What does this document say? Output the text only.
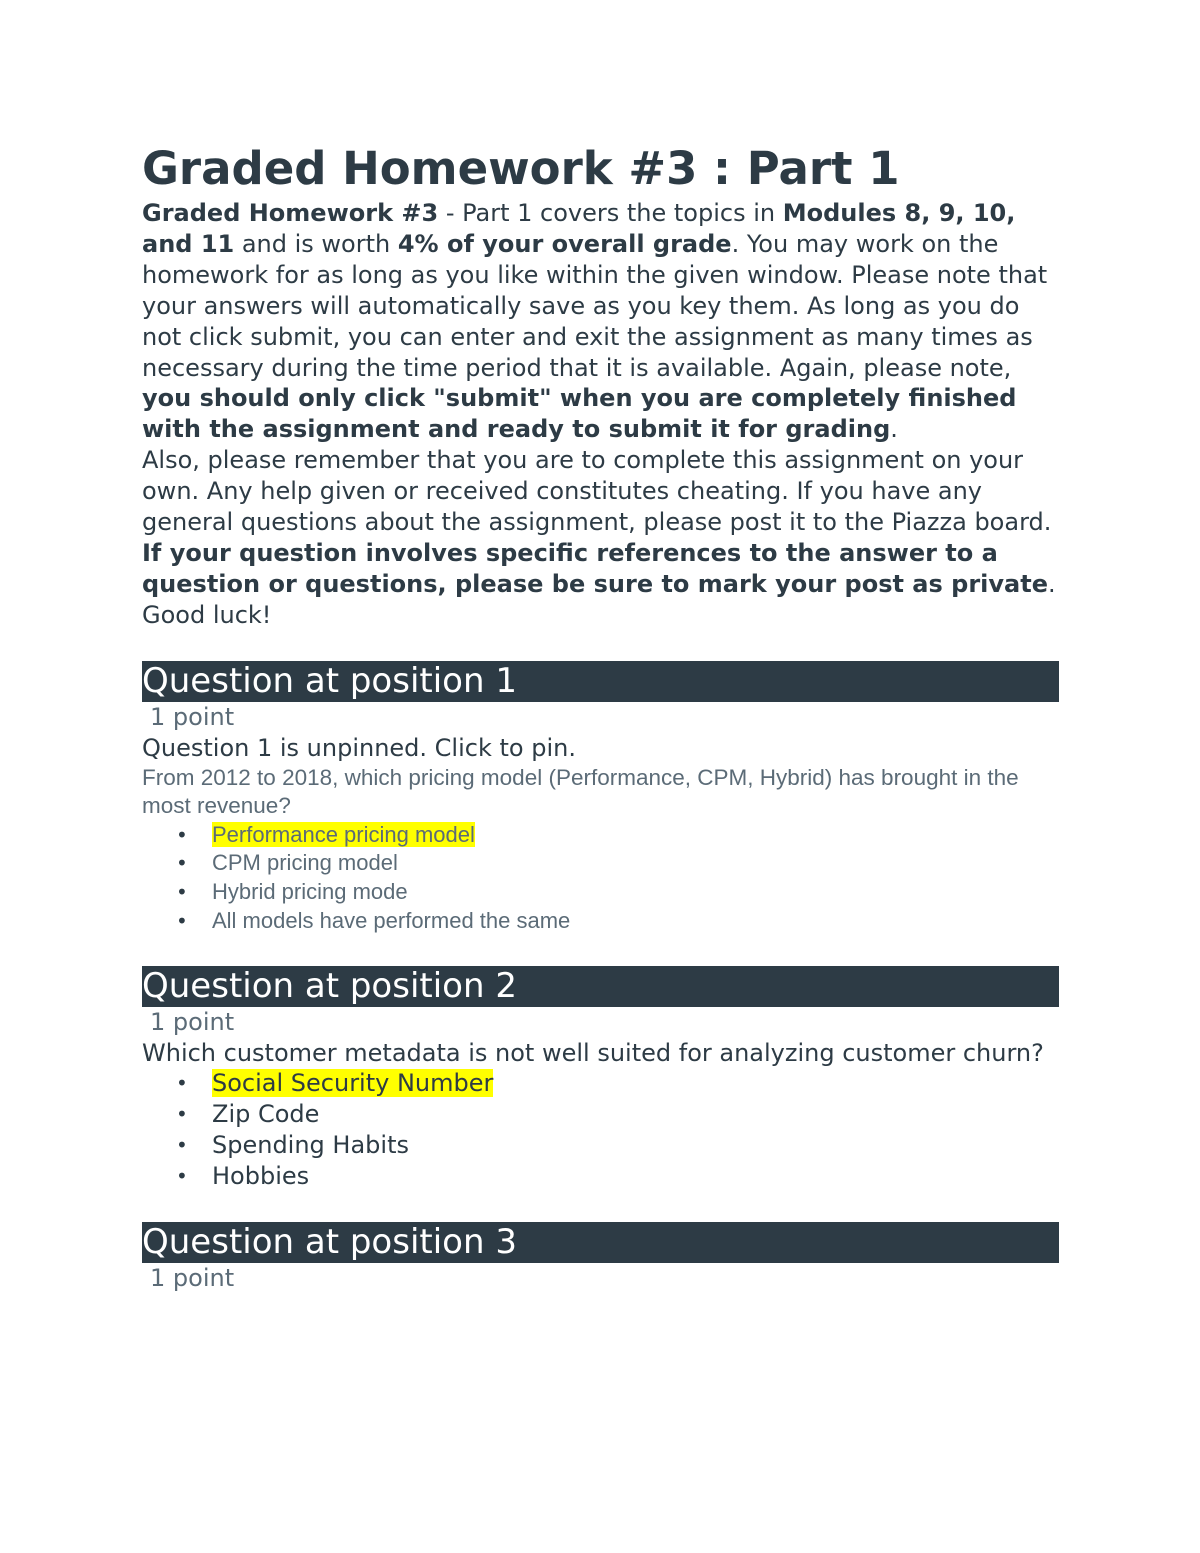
Graded Homework #3 : Part 1

Graded Homework #3 - Part 1 covers the topics in Modules 8, 9, 10, and 11 and is worth 4% of your overall grade. You may work on the homework for as long as you like within the given window. Please note that your answers will automatically save as you key them. As long as you do not click submit, you can enter and exit the assignment as many times as necessary during the time period that it is available. Again, please note, you should only click "submit" when you are completely finished with the assignment and ready to submit it for grading.

Also, please remember that you are to complete this assignment on your own. Any help given or received constitutes cheating. If you have any general questions about the assignment, please post it to the Piazza board. If your question involves specific references to the answer to a question or questions, please be sure to mark your post as private.

Good luck!

Question at position 1
1 point
Question 1 is unpinned. Click to pin.
From 2012 to 2018, which pricing model (Performance, CPM, Hybrid) has brought in the most revenue?
• Performance pricing model
• CPM pricing model
• Hybrid pricing mode
• All models have performed the same
Question at position 2
1 point
Which customer metadata is not well suited for analyzing customer churn?
• Social Security Number
• Zip Code
• Spending Habits
• Hobbies
Question at position 3
1 point
